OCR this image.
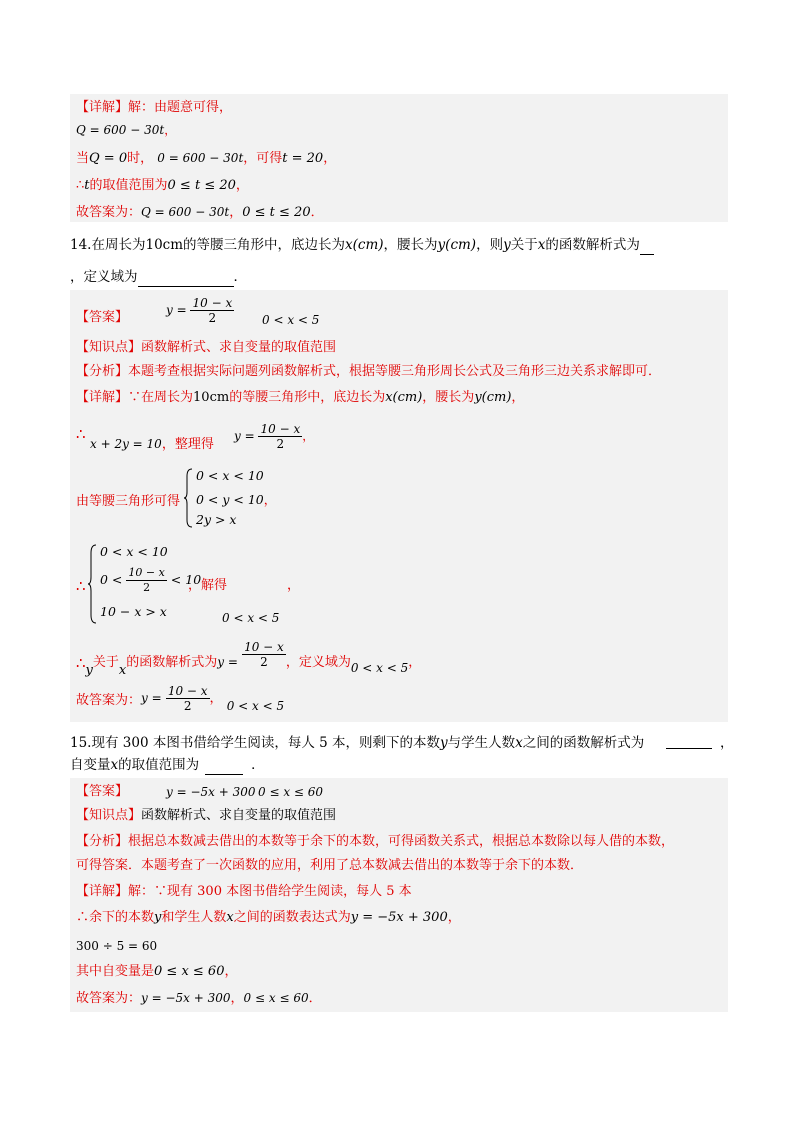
【详解】解：由题意可得，
Q = 600 − 30t，
当Q = 0时， 0 = 600 − 30t，可得t = 20，
∴t的取值范围为0 ≤ t ≤ 20，
故答案为：Q = 600 − 30t，0 ≤ t ≤ 20．
14.在周长为10cm的等腰三角形中，底边长为x(cm)，腰长为y(cm)，则y关于x的函数解析式为
，定义域为	．
【答案】	$y = \frac{10 - x}{2} 0 < x < 5$
【知识点】函数解析式、求自变量的取值范围
【分析】本题考查根据实际问题列函数解析式，根据等腰三角形周长公式及三角形三边关系求解即可．
【详解】∵在周长为10cm的等腰三角形中，底边长为x(cm)，腰长为y(cm)，
∴
x + 2y = 10，整理得
$y = \frac{10 - x}{2}$ ，
由等腰三角形可得
0 < x < 10
0 < y < 10，
2y > x
∴
0 < x < 10
$0 < \frac{10 - x}{2} < 10$
10 − x > x
，解得	，
0 < x < 5
∴y关于x的函数解析式为$y = \frac{10 - x}{2}$ ，定义域为0 < x < 5，
故答案为：$y = \frac{10 - x}{2}$ ， 0 < x < 5
15.现有 300 本图书借给学生阅读，每人 5 本，则剩下的本数y与学生人数x之间的函数解析式为	，
自变量x的取值范围为	．
【答案】	y = −5x + 300 0 ≤ x ≤ 60
【知识点】函数解析式、求自变量的取值范围
【分析】根据总本数减去借出的本数等于余下的本数，可得函数关系式，根据总本数除以每人借的本数，
可得答案．本题考查了一次函数的应用，利用了总本数减去借出的本数等于余下的本数．
【详解】解：∵现有 300 本图书借给学生阅读，每人 5 本
∴余下的本数y和学生人数x之间的函数表达式为y = −5x + 300，
300 ÷ 5 = 60
其中自变量是0 ≤ x ≤ 60，
故答案为：y = −5x + 300，0 ≤ x ≤ 60．
